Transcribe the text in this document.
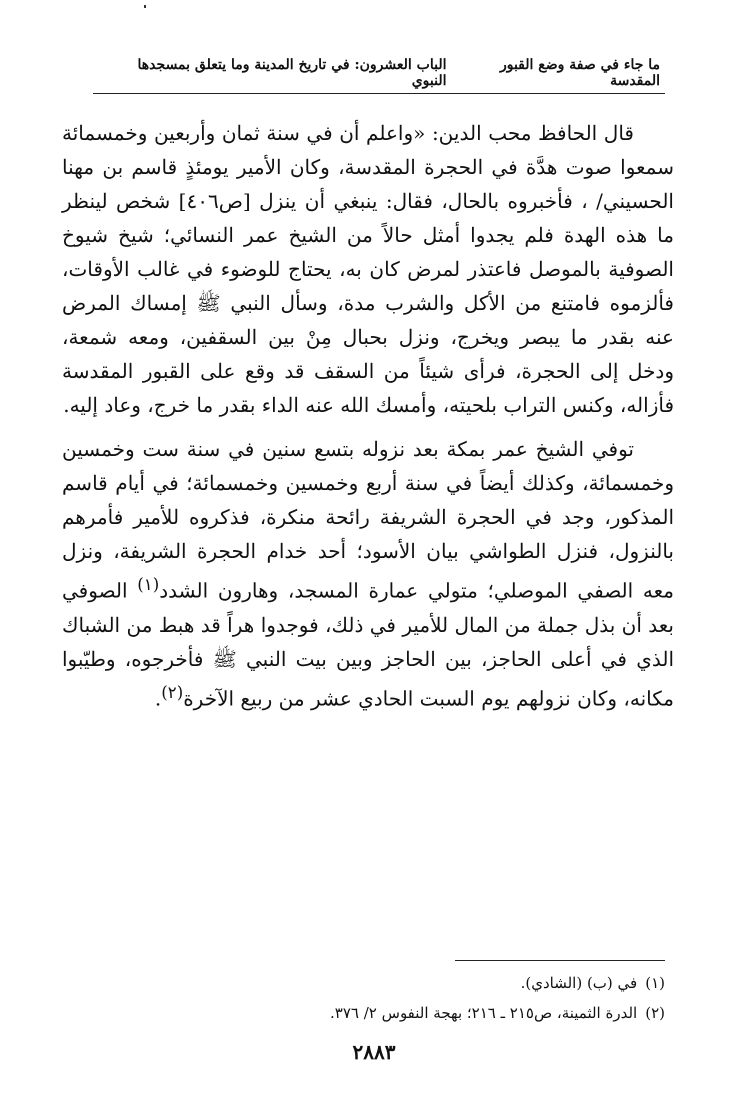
ما جاء في صفة وضع القبور المقدسة
الباب العشرون: في تاريخ المدينة وما يتعلق بمسجدها النبوي

قال الحافظ محب الدين: «واعلم أن في سنة ثمان وأربعين وخمسمائة سمعوا صوت هدَّة في الحجرة المقدسة، وكان الأمير يومئذٍ قاسم بن مهنا الحسيني/ ، فأخبروه بالحال، فقال: ينبغي أن ينزل [ص٤٠٦] شخص لينظر ما هذه الهدة فلم يجدوا أمثل حالاً من الشيخ عمر النسائي؛ شيخ شيوخ الصوفية بالموصل فاعتذر لمرض كان به، يحتاج للوضوء في غالب الأوقات، فألزموه فامتنع من الأكل والشرب مدة، وسأل النبي ﷺ إمساك المرض عنه بقدر ما يبصر ويخرج، ونزل بحبال مِنْ بين السقفين، ومعه شمعة، ودخل إلى الحجرة، فرأى شيئاً من السقف قد وقع على القبور المقدسة فأزاله، وكنس التراب بلحيته، وأمسك الله عنه الداء بقدر ما خرج، وعاد إليه.

توفي الشيخ عمر بمكة بعد نزوله بتسع سنين في سنة ست وخمسين وخمسمائة، وكذلك أيضاً في سنة أربع وخمسين وخمسمائة؛ في أيام قاسم المذكور، وجد في الحجرة الشريفة رائحة منكرة، فذكروه للأمير فأمرهم بالنزول، فنزل الطواشي بيان الأسود؛ أحد خدام الحجرة الشريفة، ونزل معه الصفي الموصلي؛ متولي عمارة المسجد، وهارون الشدد$^{(١)}$ الصوفي بعد أن بذل جملة من المال للأمير في ذلك، فوجدوا هراً قد هبط من الشباك الذي في أعلى الحاجز، بين الحاجز وبين بيت النبي ﷺ فأخرجوه، وطيّبوا مكانه، وكان نزولهم يوم السبت الحادي عشر من ربيع الآخرة$^{(٢)}$.

(١)في (ب) (الشادي).
(٢)الدرة الثمينة، ص٢١٥ ـ ٢١٦؛ بهجة النفوس ٢/ ٣٧٦.
٢٨٨٣
